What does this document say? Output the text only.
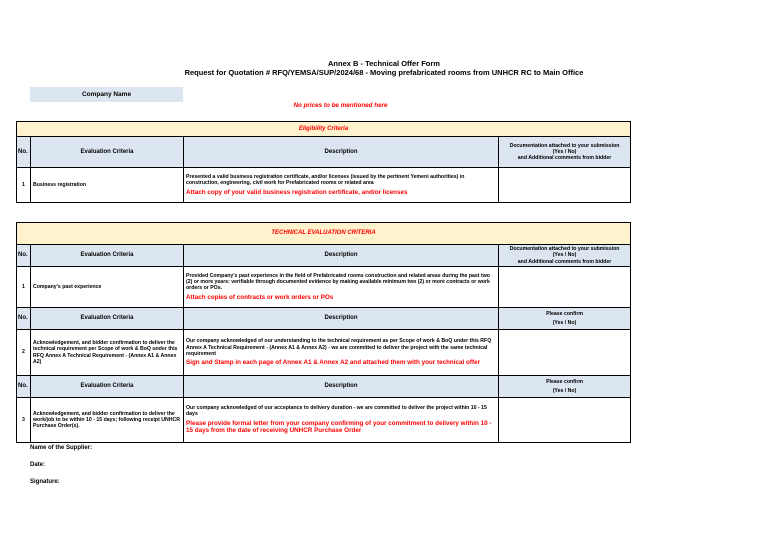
Annex B - Technical Offer Form
Request for Quotation # RFQ/YEMSA/SUP/2024/68 - Moving prefabricated rooms from UNHCR RC to Main Office
Company Name
No prices to be mentioned here
Eligibility Criteria			
No.	Evaluation Criteria	Description	Documentation attached to your submission
(Yes / No)
and Additional comments from bidder

1	Business registration	Presented a valid business registration certificate, and/or licenses (issued by the pertinent Yemeni authorities) in construction, engineering, civil work for Prefabricated rooms or related area
Attach copy of your valid business registration certificate, and/or licenses	

TECHNICAL EVALUATION CRITERIA			
No.	Evaluation Criteria	Description	Documentation attached to your submission
(Yes / No)
and Additional comments from bidder

1	Company's past experience	Provided Company's past experience in the field of Prefabricated rooms construction and related areas during the past two (2) or more years: verifiable through documented evidence by making available minimum two (2) or more contracts or work orders or POs.
Attach copies of contracts or work orders or POs	

No.	Evaluation Criteria	Description	Please confirm
(Yes / No)

2	Acknowledgement, and bidder confirmation to deliver the technical requirement per Scope of work & BoQ under this RFQ Annex A Technical Requirement - (Annex A1 & Annex A2)	Our company acknowledged of our understanding to the technical requirement as per Scope of work & BoQ under this RFQ Annex A Technical Requirement - (Annex A1 & Annex A2) - we are committed to deliver the project with the same technical requirement
Sign and Stamp in each page of Annex A1 & Annex A2 and attached them with your technical offer	

No.	Evaluation Criteria	Description	Please confirm
(Yes / No)

3	Acknowledgement, and bidder confirmation to deliver the work/job to be within 10 - 15 days; following receipt UNHCR Purchase Order(s).	Our company acknowledged of our acceptance to delivery duration - we are committed to deliver the project within 10 - 15 days
Please provide formal letter from your company confirming of your commitment to delivery within 10 - 15 days from the date of receiving UNHCR Purchase Order	

Name of the Supplier:
Date:
Signature:
